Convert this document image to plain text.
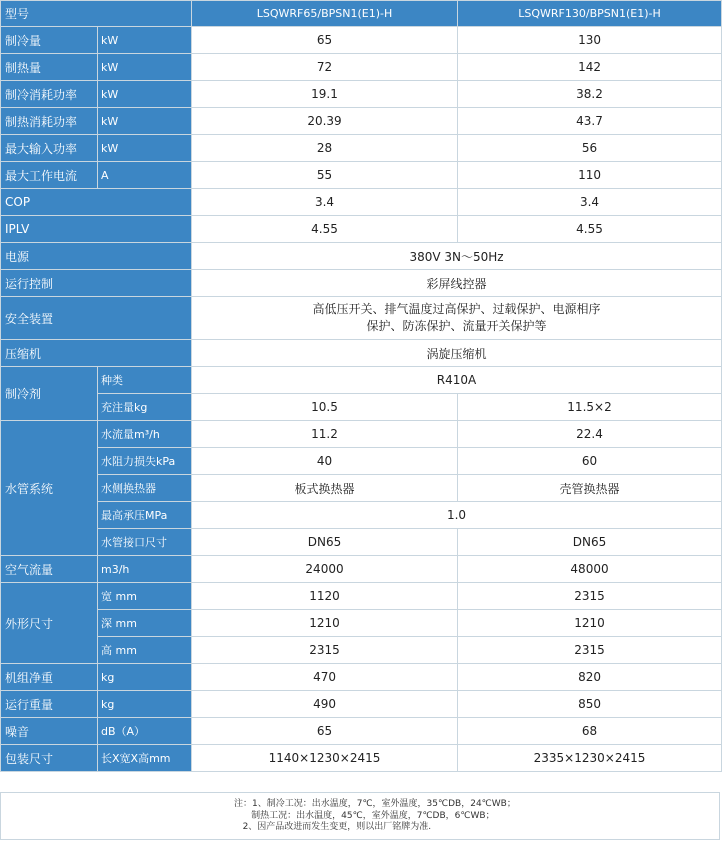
型号		LSQWRF65/BPSN1(E1)-H	LSQWRF130/BPSN1(E1)-H
制冷量	kW	65	130
制热量	kW	72	142
制冷消耗功率	kW	19.1	38.2
制热消耗功率	kW	20.39	43.7
最大输入功率	kW	28	56
最大工作电流	A	55	110
COP		3.4	3.4
IPLV		4.55	4.55
电源		380V 3N～50Hz	
运行控制		彩屏线控器	
安全装置		高低压开关、排气温度过高保护、过载保护、电源相序
保护、防冻保护、流量开关保护等	
压缩机		涡旋压缩机	
制冷剂	种类	R410A	
	充注量kg	10.5	11.5×2
水管系统	水流量m³/h	11.2	22.4
	水阻力损失kPa	40	60
	水侧换热器	板式换热器	壳管换热器
	最高承压MPa	1.0	
	水管接口尺寸	DN65	DN65
空气流量	m3/h	24000	48000
外形尺寸	宽 mm	1120	2315
	深 mm	1210	1210
	高 mm	2315	2315
机组净重	kg	470	820
运行重量	kg	490	850
噪音	dB（A）	65	68
包装尺寸	长X宽X高mm	1140×1230×2415	2335×1230×2415
注：1、制冷工况：出水温度，7℃，室外温度，35℃DB，24℃WB；
制热工况：出水温度，45℃，室外温度，7℃DB，6℃WB；
2、因产品改进而发生变更，则以出厂铭牌为准.
